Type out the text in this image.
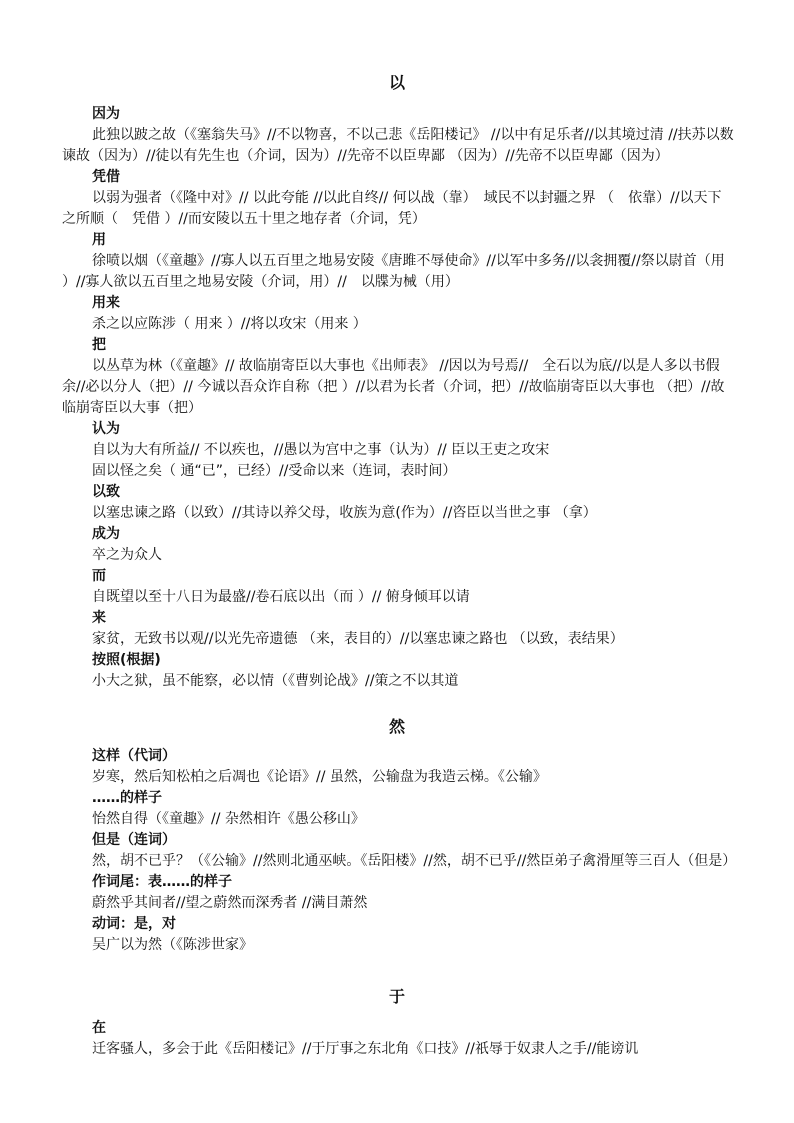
以
因为

此独以跛之故（《塞翁失马》//不以物喜，不以己悲《岳阳楼记》 //以中有足乐者//以其境过清 //扶苏以数谏故（因为）//徒以有先生也（介词，因为）//先帝不以臣卑鄙 （因为）//先帝不以臣卑鄙（因为）

凭借

以弱为强者（《隆中对》// 以此夸能 //以此自终// 何以战（靠）　域民不以封疆之界 （　依靠）//以天下之所顺（　凭借 ）//而安陵以五十里之地存者（介词，凭）

用

徐喷以烟（《童趣》//寡人以五百里之地易安陵《唐雎不辱使命》//以军中多务//以衾拥覆//祭以尉首（用 ）//寡人欲以五百里之地易安陵（介词，用）//　以牒为械（用）

用来

杀之以应陈涉（ 用来 ）//将以攻宋（用来 ）

把

以丛草为林（《童趣》// 故临崩寄臣以大事也《出师表》 //因以为号焉//　全石以为底//以是人多以书假余//必以分人（把）// 今诚以吾众诈自称（把 ）//以君为长者（介词，把）//故临崩寄臣以大事也 （把）//故临崩寄臣以大事（把）

认为
自以为大有所益// 不以疾也，//愚以为宫中之事（认为）// 臣以王吏之攻宋
固以怪之矣（ 通“已”，已经）//受命以来（连词，表时间）
以致

以塞忠谏之路（以致）//其诗以养父母，收族为意(作为）//咨臣以当世之事 （拿）

成为

卒之为众人

而

自既望以至十八日为最盛//卷石底以出（而 ）// 俯身倾耳以请

来

家贫，无致书以观//以光先帝遗德 （来，表目的）//以塞忠谏之路也 （以致，表结果）

按照(根据)

小大之狱，虽不能察，必以情（《曹刿论战》//策之不以其道

然
这样（代词）

岁寒，然后知松柏之后凋也《论语》// 虽然，公输盘为我造云梯。《公输》

……的样子

怡然自得（《童趣》// 杂然相许《愚公移山》

但是（连词）

然，胡不已乎？（《公输》//然则北通巫峡。《岳阳楼》//然，胡不已乎//然臣弟子禽滑厘等三百人（但是）

作词尾：表……的样子

蔚然乎其间者//望之蔚然而深秀者 //满目萧然

动词：是，对

吴广以为然（《陈涉世家》

于
在

迁客骚人，多会于此《岳阳楼记》//于厅事之东北角《口技》//祇辱于奴隶人之手//能谤讥
